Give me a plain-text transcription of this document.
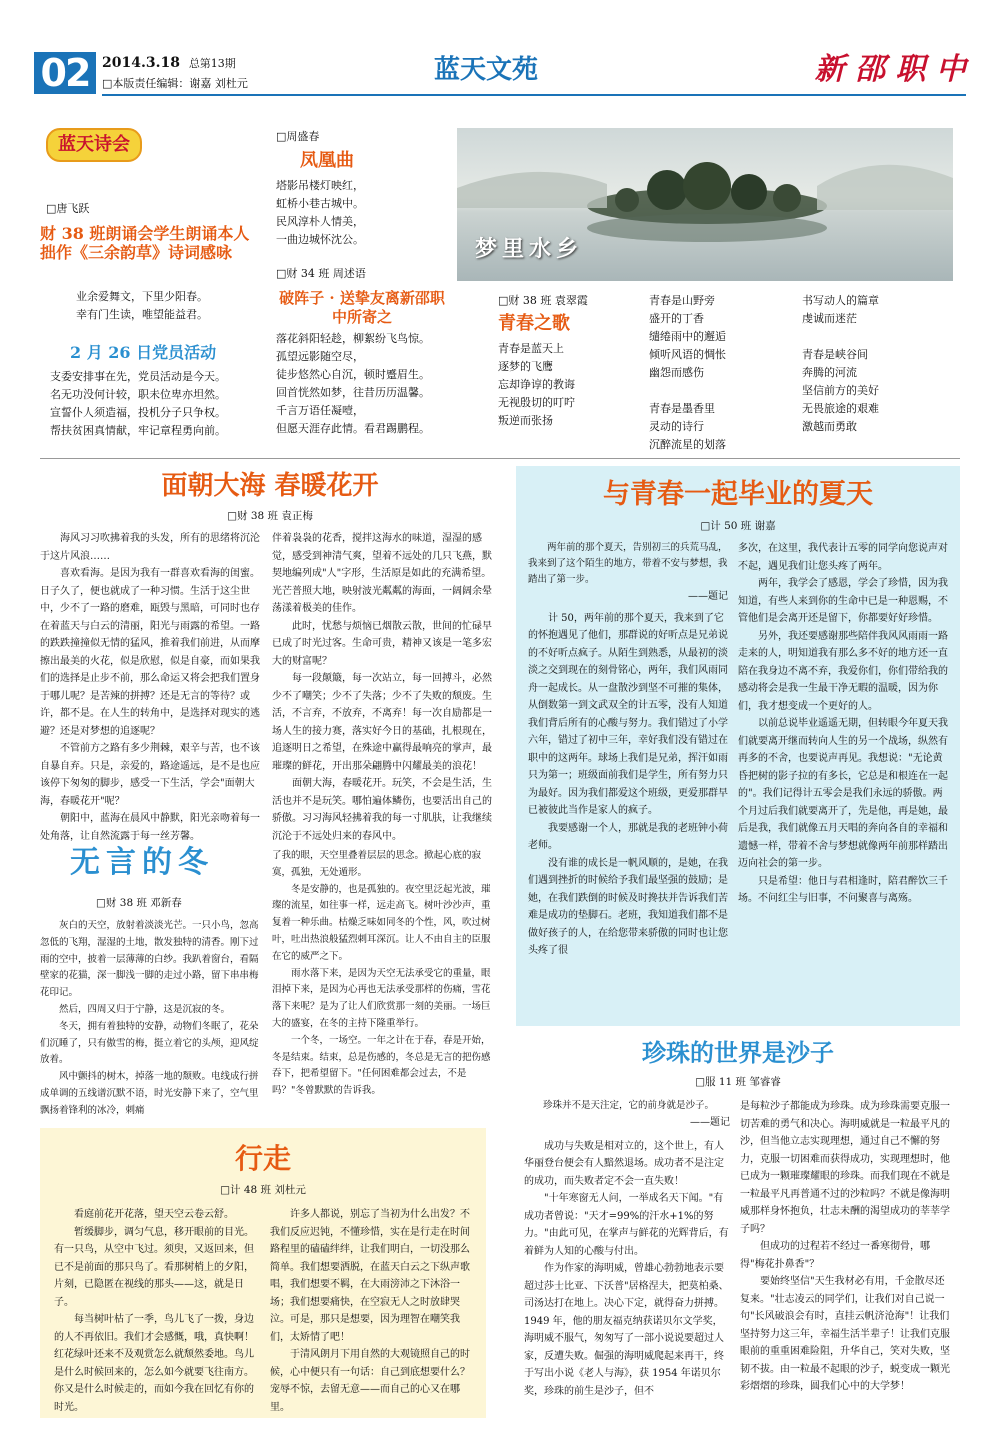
02 2014.3.18 总第13期
□本版责任编辑：谢嘉 刘杜元	蓝天文苑	新 邵 职 中
蓝天诗会
□唐飞跃
财 38 班朗诵会学生朗诵本人拙作《三余韵草》诗词感咏
业余爱舞文，下里少阳春。
幸有门生读，唯望能益君。
2 月 26 日党员活动
支委安排事在先，党员活动是今天。
名无功没何计较，职未位卑亦坦然。
宣誓仆人须造福，投机分子只争权。
帮扶贫困真情献，牢记章程勇向前。
□周盛春
凤凰曲
塔影吊楼灯映红，
虹桥小巷古城中。
民风淳朴人情美，
一曲边城怀沈公。
□财 34 班 周述语
破阵子 · 送挚友离新邵职中所寄之
落花斜阳轻趁，柳絮纷飞鸟惊。
孤望远影随空尽，
徒步悠然心自沉，顿时蹙眉生。
回首恍然如梦，往昔历历温馨。
千言万语任凝噎，
但愿天涯存此情。看君踢鹏程。
梦里水乡
□财 38 班 袁翠霞
青春之歌
青春是蓝天上
逐梦的飞鹰
忘却诤谆的教诲
无视殷切的叮咛
叛逆而张扬
青春是山野旁
盛开的丁香
缱绻雨中的邂逅
倾听风语的惆怅
幽怨而感伤
青春是墨香里
灵动的诗行
沉醉流星的划落
书写动人的篇章
虔诚而迷茫
青春是峡谷间
奔腾的河流
坚信前方的美好
无畏旅途的艰难
激越而勇敢
面朝大海 春暖花开
□财 38 班 袁正梅

海风习习吹拂着我的头发，所有的思绪将沉沦于这片风浪……

喜欢看海。是因为我有一群喜欢看海的闺蜜。日子久了，便也就成了一种习惯。生活于这尘世中，少不了一路的磨难，瓯毁与黑暗，可同时也存在着蓝天与白云的清丽，阳光与雨露的希望。一路的跌跌撞撞似无情的猛风，推着我们前进，从而摩擦出最美的火花，似是欣慰，似是自豪，而如果我们的选择是止步不前，那么命运又将会把我们置身于哪儿呢？是苦辣的拼搏？还是无言的等待？或许，都不是。在人生的转角中，是选择对现实的逃避？还是对梦想的追逐呢？

不管前方之路有多少荆棘，艰辛与苦，也不该自暴自弃。只是，亲爱的，路途遥远，是不是也应该停下匆匆的脚步，感受一下生活，学会"面朝大海，春暖花开"呢？

朝阳中，蓝海在晨风中静默，阳光亲吻着每一处角落，让自然流露于每一丝芳馨。

伴着袅袅的花香，搅拌这海水的味道，湿湿的感觉，感受到神清气爽，望着不远处的几只飞燕，默契地编列成"人"字形，生活原是如此的充满希望。光芒普照大地，映射波光粼粼的海面，一阔阔余晕荡漾着极美的佳作。

此时，忧愁与烦恼已烟散云散，世间的忙碌早已成了时光过客。生命可贵，精神又该是一笔多宏大的财富呢？

每一段颠簸，每一次站立，每一回搏斗，必然少不了嘲笑；少不了失落；少不了失败的颓废。生活，不言弃，不放弃，不离弃！每一次自励都是一场人生的接力赛，落实好今日的基础，扎根现在，追逐明日之希望，在殊途中赢得最响亮的掌声，最璀璨的鲜花，开出那朵翩腾中闪耀最美的浪花！

面朝大海，春暖花开。玩笑，不会是生活，生活也并不是玩笑。哪怕遍体鳞伤，也要活出自己的骄傲。习习海风轻拂着我的每一寸肌肤，让我继续沉沦于不远处归来的春风中。

无言的冬
□财 38 班 邓新春

灰白的天空，放射着淡淡光芒。一只小鸟，忽高忽低的飞翔，湿湿的土地，散发独特的清香。刚下过雨的空中，披着一层薄薄的白纱。我趴着窗台，看隔壁家的花猫，深一脚浅一脚的走过小路，留下串串梅花印记。

然后，四周又归于宁静，这是沉寂的冬。

冬天，拥有着独特的安静，动物们冬眠了，花朵们沉睡了，只有傲雪的梅，挺立着它的头颅，迎风绽放着。

风中颤抖的树木，掉落一地的颓败。电线成行拼成单调的五线谱沉默不语，时光安静下来了，空气里飘扬着锋利的冰冷，刺痛

了我的眼，天空里叠着层层的思念。掀起心底的寂寞，孤独，无处遁形。

冬是安静的，也是孤独的。夜空里泛起光波，璀璨的流星，如往事一样，远走高飞。树叶沙沙声，重复着一种乐曲。枯燥乏味如同冬的个性，风，吹过树叶，吐出热浪般猛烈刺耳深沉。让人不由自主的臣服在它的威严之下。

雨水落下来，是因为天空无法承受它的重量，眼泪掉下来，是因为心再也无法承受那样的伤痛，雪花落下来呢？是为了让人们欣赏那一刻的美丽。一场巨大的盛宴，在冬的主持下隆重举行。

一个冬，一场空。一年之计在于春，春是开始，冬是结束。结束，总是伤感的，冬总是无言的把伤感吞下，把希望留下。"任何困难都会过去，不是吗？"冬曾默默的告诉我。

行走
□计 48 班 刘杜元

看庭前花开花落，望天空云卷云舒。

暂缓脚步，调匀气息，移开眼前的目光。有一只鸟，从空中飞过。须臾，又返回来，但已不是前面的那只鸟了。看那树梢上的夕阳，片刻，已隐匿在视线的那头——这，就是日子。

每当树叶枯了一季，鸟儿飞了一拨，身边的人不再依旧。我们才会感慨，哦，真快啊！红花绿叶还来不及观赏怎么就颓然委地。鸟儿是什么时候回来的，怎么如今就要飞往南方。你又是什么时候走的，而如今我在回忆有你的时光。

许多人都说，别忘了当初为什么出发？不我们反应迟钝，不懂珍惜，实在是行走在时间路程里的磕磕绊绊，让我们明白，一切没那么简单。我们想要洒脱，在蓝天白云之下纵声歌唱，我们想要不羁，在大雨滂沛之下沐浴一场；我们想要痛快，在空寂无人之时放肆哭泣。可是，那只是想要，因为理智在嘲笑我们，太矫情了吧！

于清风朗月下用自然的大观镜照自己的时候，心中便只有一句话：自己到底想要什么？宠辱不惊，去留无意——而自己的心又在哪里。

与青春一起毕业的夏天
□计 50 班 谢嘉

两年前的那个夏天，告别初三的兵荒马乱，我来到了这个陌生的地方，带着不安与梦想，我踏出了第一步。

——题记

计 50，两年前的那个夏天，我来到了它的怀抱遇见了他们，那群说的好听点是兄弟说的不好听点疯子。从陌生到熟悉，从最初的淡淡之交到现在的刻骨铭心，两年，我们风雨同舟一起成长。从一盘散沙到坚不可摧的集体，从倒数第一到文武双全的计五零，没有人知道我们背后所有的心酸与努力。我们错过了小学六年，错过了初中三年，幸好我们没有错过在职中的这两年。球场上我们是兄弟，挥汗如雨只为第一；班级面前我们是学生，所有努力只为最好。因为我们都爱这个班级，更爱那群早已被彼此当作是家人的疯子。

我要感谢一个人，那就是我的老班钟小荷老师。

没有谁的成长是一帆风顺的，是她，在我们遇到挫折的时候给予我们最坚强的鼓励；是她，在我们跌倒的时候及时搀扶并告诉我们苦难是成功的垫脚石。老班，我知道我们都不是做好孩子的人，在给您带来骄傲的同时也让您头疼了很

多次，在这里，我代表计五零的同学向您说声对不起，遇见我们让您头疼了两年。

两年，我学会了感恩，学会了珍惜，因为我知道，有些人来到你的生命中已是一种恩赐，不管他们是会离开还是留下，你都要好好珍惜。

另外，我还要感谢那些陪伴我风风雨雨一路走来的人，明知道我有那么多不好的地方还一直陪在我身边不离不弃，我爱你们，你们带给我的感动将会是我一生最干净无暇的温暖，因为你们，我才想变成一个更好的人。

以前总说毕业遥遥无期，但转眼今年夏天我们就要离开继而转向人生的另一个战场，纵然有再多的不舍，也要说声再见。我想说："无论黄昏把树的影子拉的有多长，它总是和根连在一起的"。我们记得计五零会是我们永远的骄傲。两个月过后我们就要离开了，先是他，再是她，最后是我，我们就像五月天唱的奔向各自的幸福和遗憾一样，带着不舍与梦想就像两年前那样踏出迈向社会的第一步。

只是希望：他日与君相逢时，陪君醉饮三千场。不问红尘与旧事，不问聚喜与离殇。

珍珠的世界是沙子
□服 11 班 邹睿睿

珍珠并不是天注定，它的前身就是沙子。

——题记

成功与失败是相对立的，这个世上，有人华丽登台便会有人黯然退场。成功者不是注定的成功，而失败者定不会一直失败！

"十年寒窗无人问，一举成名天下闻。"有成功者曾说："天才=99%的汗水+1%的努力。"由此可见，在掌声与鲜花的光辉背后，有着鲜为人知的心酸与付出。

作为作家的海明威，曾雄心勃勃地表示要超过莎士比亚、下沃普"居格涅夫，把莫柏桑、司汤达打在地上。决心下定，就得奋力拼搏。1949 年，他的朋友福克纳获诺贝尔文学奖，海明威不服气，匆匆写了一部小说说要超过人家，反遭失败。倔强的海明威爬起来再干，终于写出小说《老人与海》，获 1954 年诺贝尔奖，珍珠的前生是沙子，但不

是每粒沙子都能成为珍珠。成为珍珠需要克服一切苦难的勇气和决心。海明威就是一粒最平凡的沙，但当他立志实现理想，通过自己不懈的努力，克服一切困难而获得成功，实现理想时，他已成为一颗璀璨耀眼的珍珠。而我们现在不就是一粒最平凡再普通不过的沙粒吗？不就是像海明威那样身怀抱负，壮志未酬的渴望成功的莘莘学子吗？

但成功的过程若不经过一番寒彻骨，哪得"梅花扑鼻香"？

要始终坚信"天生我材必有用，千金散尽还复来。"壮志凌云的同学们，让我们对自己说一句"长风破浪会有时，直挂云帆济沧海"！让我们坚持努力这三年，幸福生活半辈子！让我们克服眼前的重重困难险阻，升华自己，笑对失败，坚韧不拔。由一粒最不起眼的沙子，蜕变成一颗光彩熠熠的珍珠，圆我们心中的大学梦！
